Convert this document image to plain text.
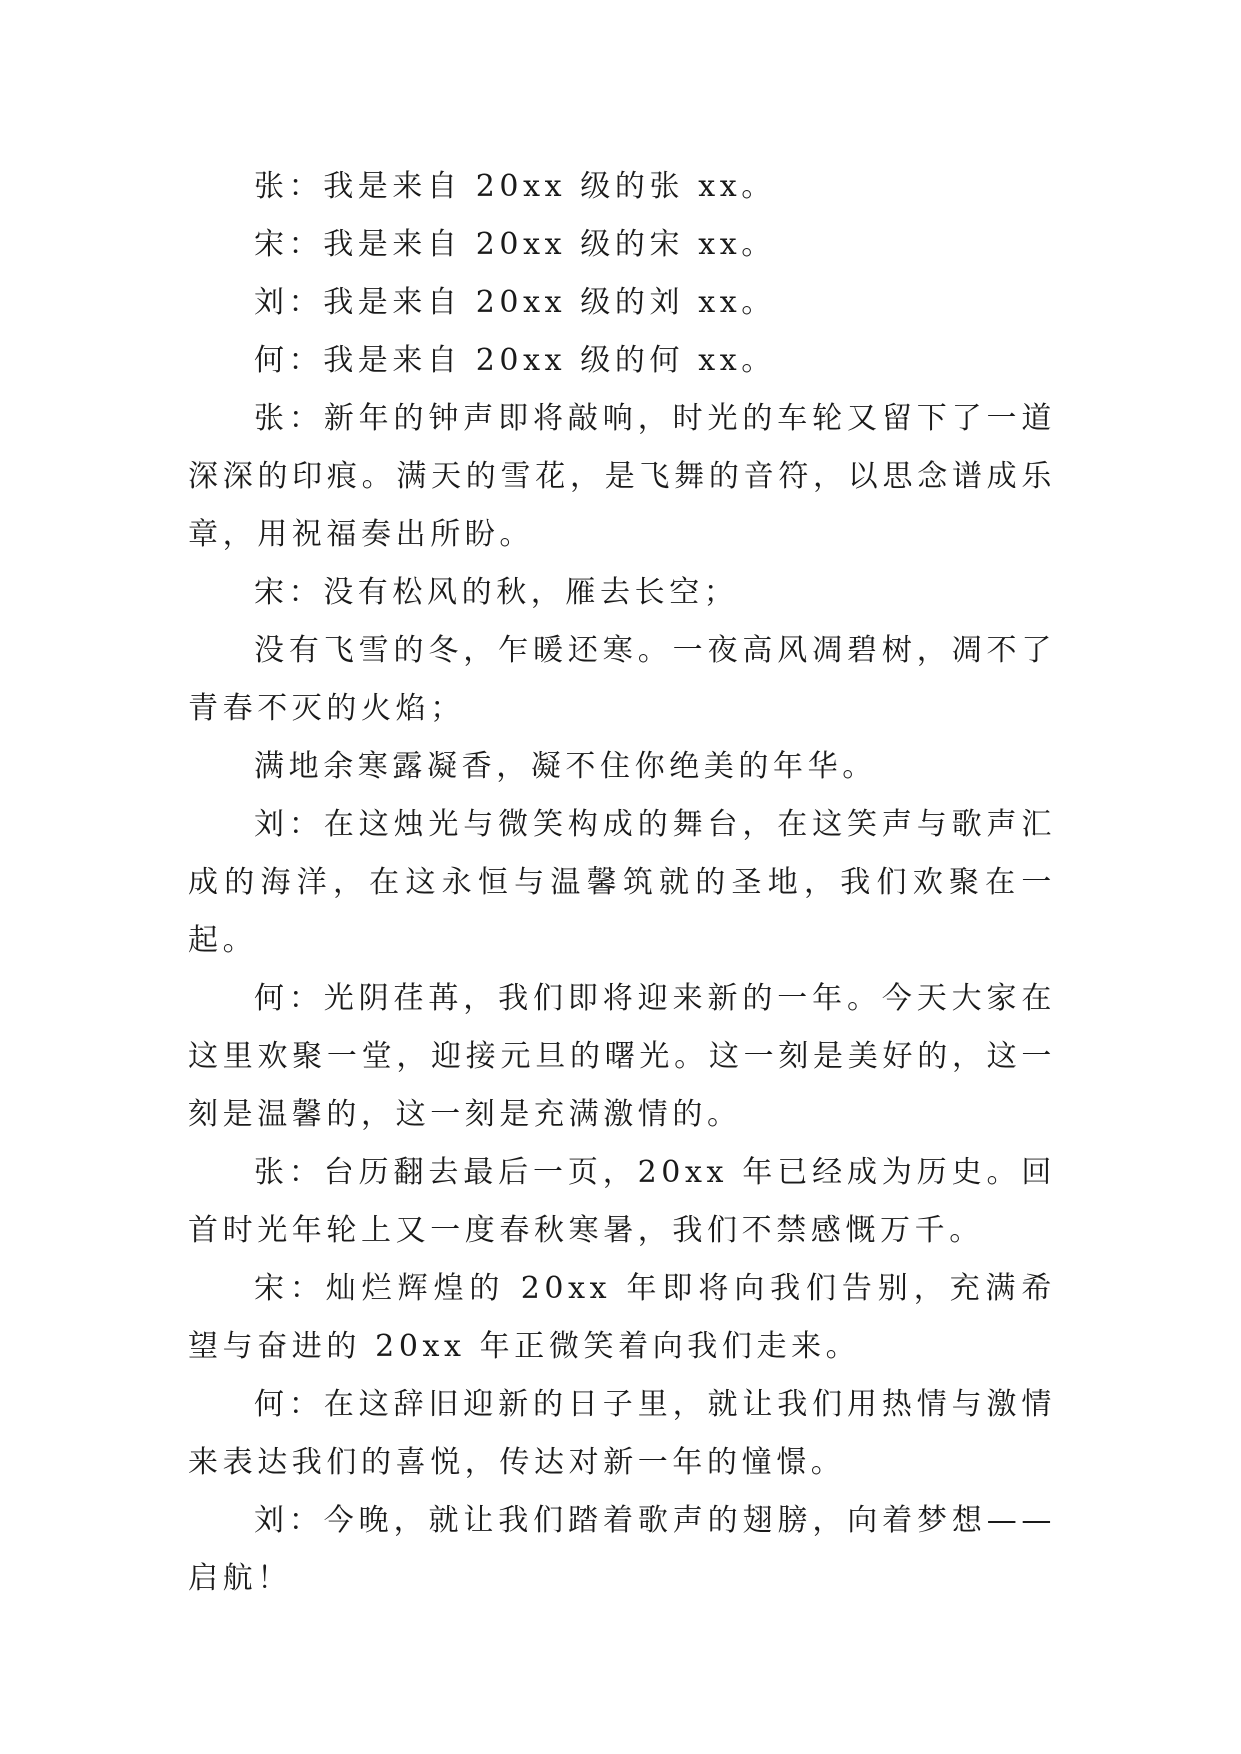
张：我是来自 20xx 级的张 xx。

宋：我是来自 20xx 级的宋 xx。

刘：我是来自 20xx 级的刘 xx。

何：我是来自 20xx 级的何 xx。

张：新年的钟声即将敲响，时光的车轮又留下了一道深深的印痕。满天的雪花，是飞舞的音符，以思念谱成乐章，用祝福奏出所盼。

宋：没有松风的秋，雁去长空；

没有飞雪的冬，乍暖还寒。一夜高风凋碧树，凋不了青春不灭的火焰；

满地余寒露凝香，凝不住你绝美的年华。

刘：在这烛光与微笑构成的舞台，在这笑声与歌声汇成的海洋，在这永恒与温馨筑就的圣地，我们欢聚在一起。

何：光阴荏苒，我们即将迎来新的一年。今天大家在这里欢聚一堂，迎接元旦的曙光。这一刻是美好的，这一刻是温馨的，这一刻是充满激情的。

张：台历翻去最后一页，20xx 年已经成为历史。回首时光年轮上又一度春秋寒暑，我们不禁感慨万千。

宋：灿烂辉煌的 20xx 年即将向我们告别，充满希望与奋进的 20xx 年正微笑着向我们走来。

何：在这辞旧迎新的日子里，就让我们用热情与激情来表达我们的喜悦，传达对新一年的憧憬。

刘：今晚，就让我们踏着歌声的翅膀，向着梦想——启航！
